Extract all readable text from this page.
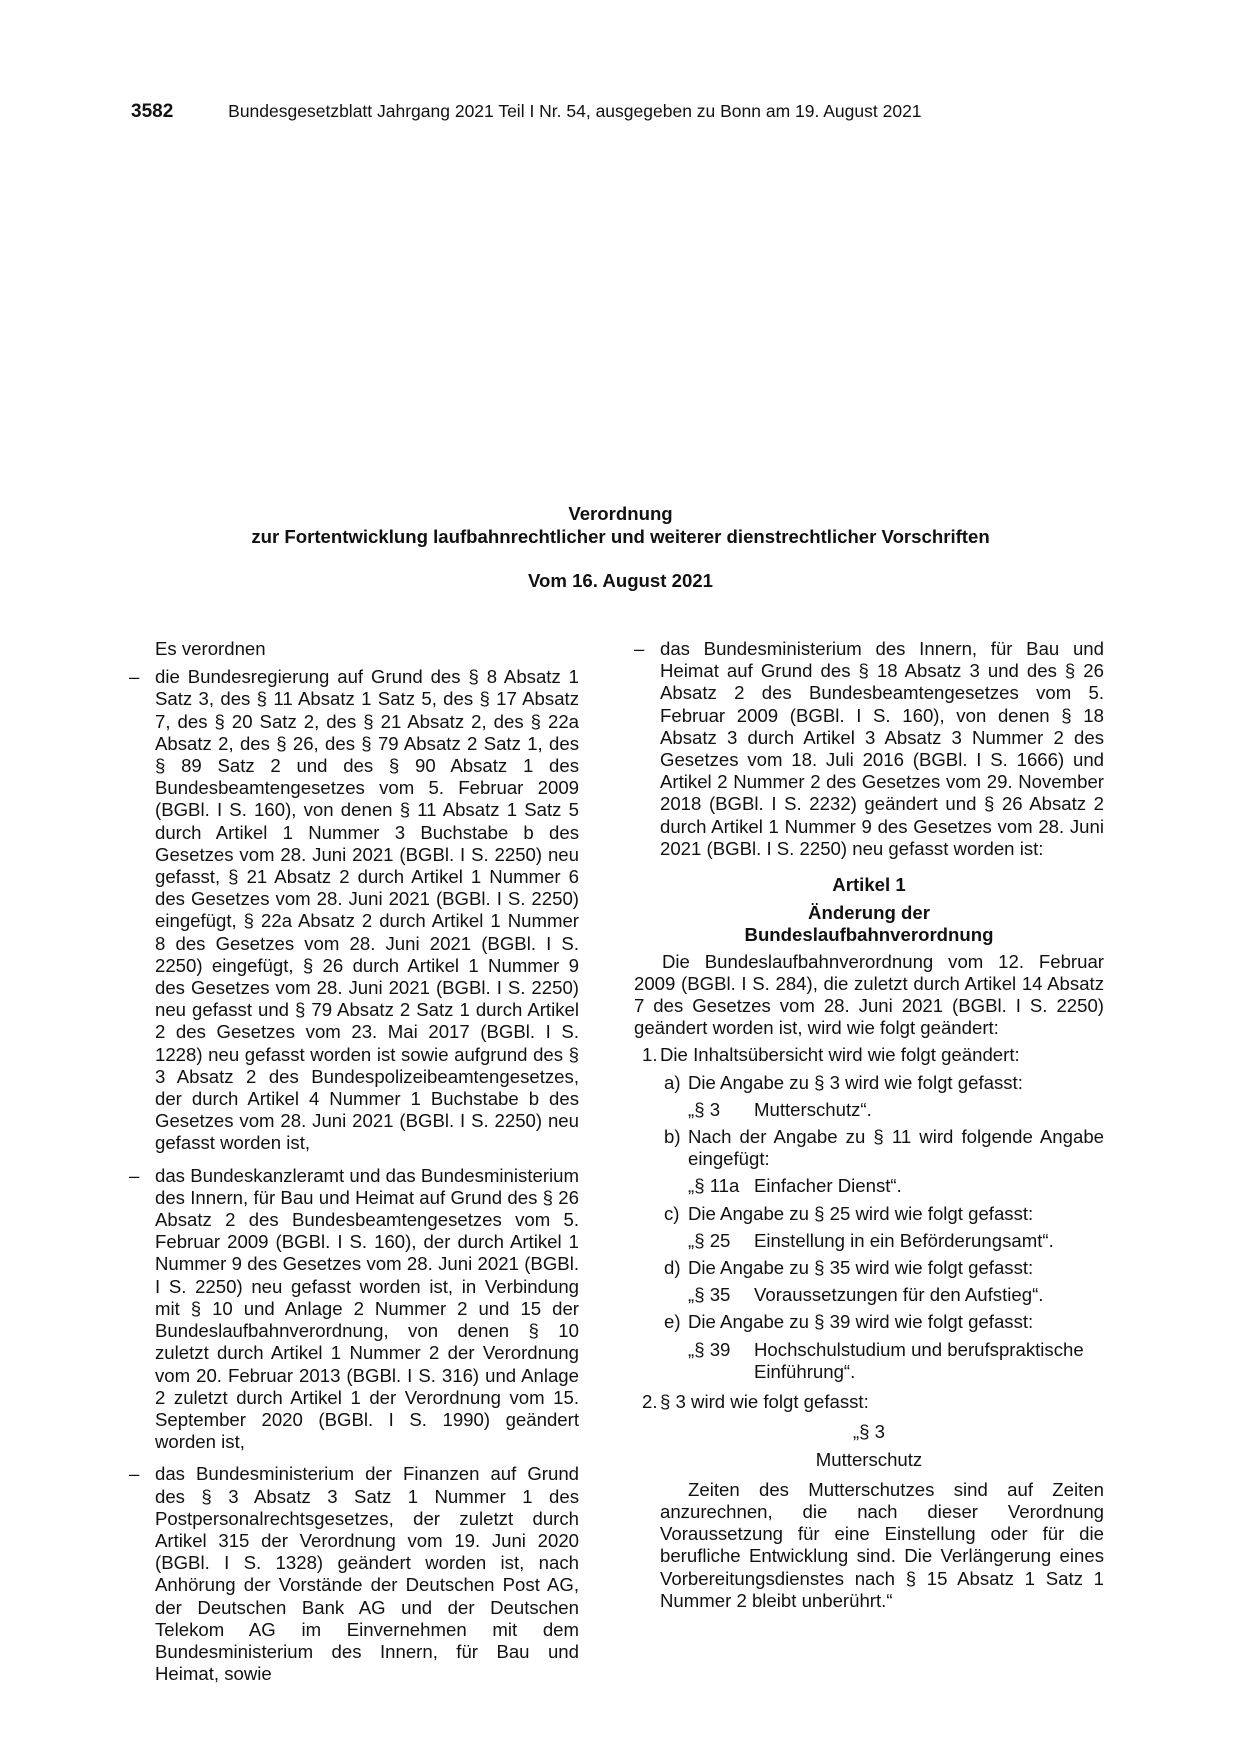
3582	Bundesgesetzblatt Jahrgang 2021 Teil I Nr. 54, ausgegeben zu Bonn am 19. August 2021
Verordnung
zur Fortentwicklung laufbahnrechtlicher und weiterer dienstrechtlicher Vorschriften
Vom 16. August 2021

Es verordnen

– die Bundesregierung auf Grund des § 8 Absatz 1 Satz 3, des § 11 Absatz 1 Satz 5, des § 17 Absatz 7, des § 20 Satz 2, des § 21 Absatz 2, des § 22a Absatz 2, des § 26, des § 79 Absatz 2 Satz 1, des § 89 Satz 2 und des § 90 Absatz 1 des Bundesbeamtengesetzes vom 5. Februar 2009 (BGBl. I S. 160), von denen § 11 Absatz 1 Satz 5 durch Artikel 1 Nummer 3 Buchstabe b des Gesetzes vom 28. Juni 2021 (BGBl. I S. 2250) neu gefasst, § 21 Absatz 2 durch Artikel 1 Nummer 6 des Gesetzes vom 28. Juni 2021 (BGBl. I S. 2250) eingefügt, § 22a Absatz 2 durch Artikel 1 Nummer 8 des Gesetzes vom 28. Juni 2021 (BGBl. I S. 2250) eingefügt, § 26 durch Artikel 1 Nummer 9 des Gesetzes vom 28. Juni 2021 (BGBl. I S. 2250) neu gefasst und § 79 Absatz 2 Satz 1 durch Artikel 2 des Gesetzes vom 23. Mai 2017 (BGBl. I S. 1228) neu gefasst worden ist sowie aufgrund des § 3 Absatz 2 des Bundespolizeibeamtengesetzes, der durch Artikel 4 Nummer 1 Buchstabe b des Gesetzes vom 28. Juni 2021 (BGBl. I S. 2250) neu gefasst worden ist,

– das Bundeskanzleramt und das Bundesministerium des Innern, für Bau und Heimat auf Grund des § 26 Absatz 2 des Bundesbeamtengesetzes vom 5. Februar 2009 (BGBl. I S. 160), der durch Artikel 1 Nummer 9 des Gesetzes vom 28. Juni 2021 (BGBl. I S. 2250) neu gefasst worden ist, in Verbindung mit § 10 und Anlage 2 Nummer 2 und 15 der Bundeslaufbahnverordnung, von denen § 10 zuletzt durch Artikel 1 Nummer 2 der Verordnung vom 20. Februar 2013 (BGBl. I S. 316) und Anlage 2 zuletzt durch Artikel 1 der Verordnung vom 15. September 2020 (BGBl. I S. 1990) geändert worden ist,

– das Bundesministerium der Finanzen auf Grund des § 3 Absatz 3 Satz 1 Nummer 1 des Postpersonalrechtsgesetzes, der zuletzt durch Artikel 315 der Verordnung vom 19. Juni 2020 (BGBl. I S. 1328) geändert worden ist, nach Anhörung der Vorstände der Deutschen Post AG, der Deutschen Bank AG und der Deutschen Telekom AG im Einvernehmen mit dem Bundesministerium des Innern, für Bau und Heimat, sowie

– das Bundesministerium des Innern, für Bau und Heimat auf Grund des § 18 Absatz 3 und des § 26 Absatz 2 des Bundesbeamtengesetzes vom 5. Februar 2009 (BGBl. I S. 160), von denen § 18 Absatz 3 durch Artikel 3 Absatz 3 Nummer 2 des Gesetzes vom 18. Juli 2016 (BGBl. I S. 1666) und Artikel 2 Nummer 2 des Gesetzes vom 29. November 2018 (BGBl. I S. 2232) geändert und § 26 Absatz 2 durch Artikel 1 Nummer 9 des Gesetzes vom 28. Juni 2021 (BGBl. I S. 2250) neu gefasst worden ist:

Artikel 1
Änderung der
Bundeslaufbahnverordnung

Die Bundeslaufbahnverordnung vom 12. Februar 2009 (BGBl. I S. 284), die zuletzt durch Artikel 14 Absatz 7 des Gesetzes vom 28. Juni 2021 (BGBl. I S. 2250) geändert worden ist, wird wie folgt geändert:

1. Die Inhaltsübersicht wird wie folgt geändert:
a) Die Angabe zu § 3 wird wie folgt gefasst:
„§ 3 Mutterschutz“.
b) Nach der Angabe zu § 11 wird folgende Angabe eingefügt:
„§ 11a Einfacher Dienst“.
c) Die Angabe zu § 25 wird wie folgt gefasst:
„§ 25 Einstellung in ein Beförderungsamt“.
d) Die Angabe zu § 35 wird wie folgt gefasst:
„§ 35 Voraussetzungen für den Aufstieg“.
e) Die Angabe zu § 39 wird wie folgt gefasst:
„§ 39 Hochschulstudium und berufspraktische Einführung“.
2. § 3 wird wie folgt gefasst:
„§ 3
Mutterschutz

Zeiten des Mutterschutzes sind auf Zeiten anzurechnen, die nach dieser Verordnung Voraussetzung für eine Einstellung oder für die berufliche Entwicklung sind. Die Verlängerung eines Vorbereitungsdienstes nach § 15 Absatz 1 Satz 1 Nummer 2 bleibt unberührt.“
